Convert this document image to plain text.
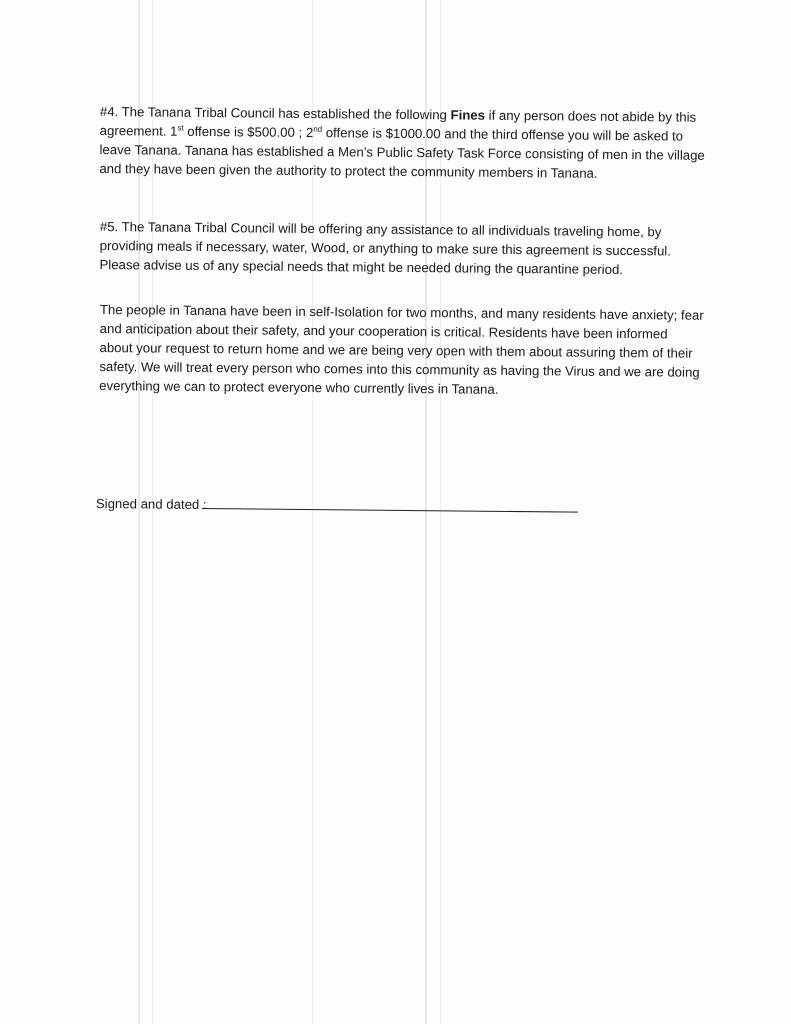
#4. The Tanana Tribal Council has established the following Fines if any person does not abide by this
agreement. 1st offense is $500.00 ; 2nd offense is $1000.00 and the third offense you will be asked to
leave Tanana. Tanana has established a Men’s Public Safety Task Force consisting of men in the village
and they have been given the authority to protect the community members in Tanana.

#5. The Tanana Tribal Council will be offering any assistance to all individuals traveling home, by
providing meals if necessary, water, Wood, or anything to make sure this agreement is successful.
Please advise us of any special needs that might be needed during the quarantine period.

The people in Tanana have been in self-Isolation for two months, and many residents have anxiety; fear
and anticipation about their safety, and your cooperation is critical. Residents have been informed
about your request to return home and we are being very open with them about assuring them of their
safety. We will treat every person who comes into this community as having the Virus and we are doing
everything we can to protect everyone who currently lives in Tanana.

Signed and dated :
